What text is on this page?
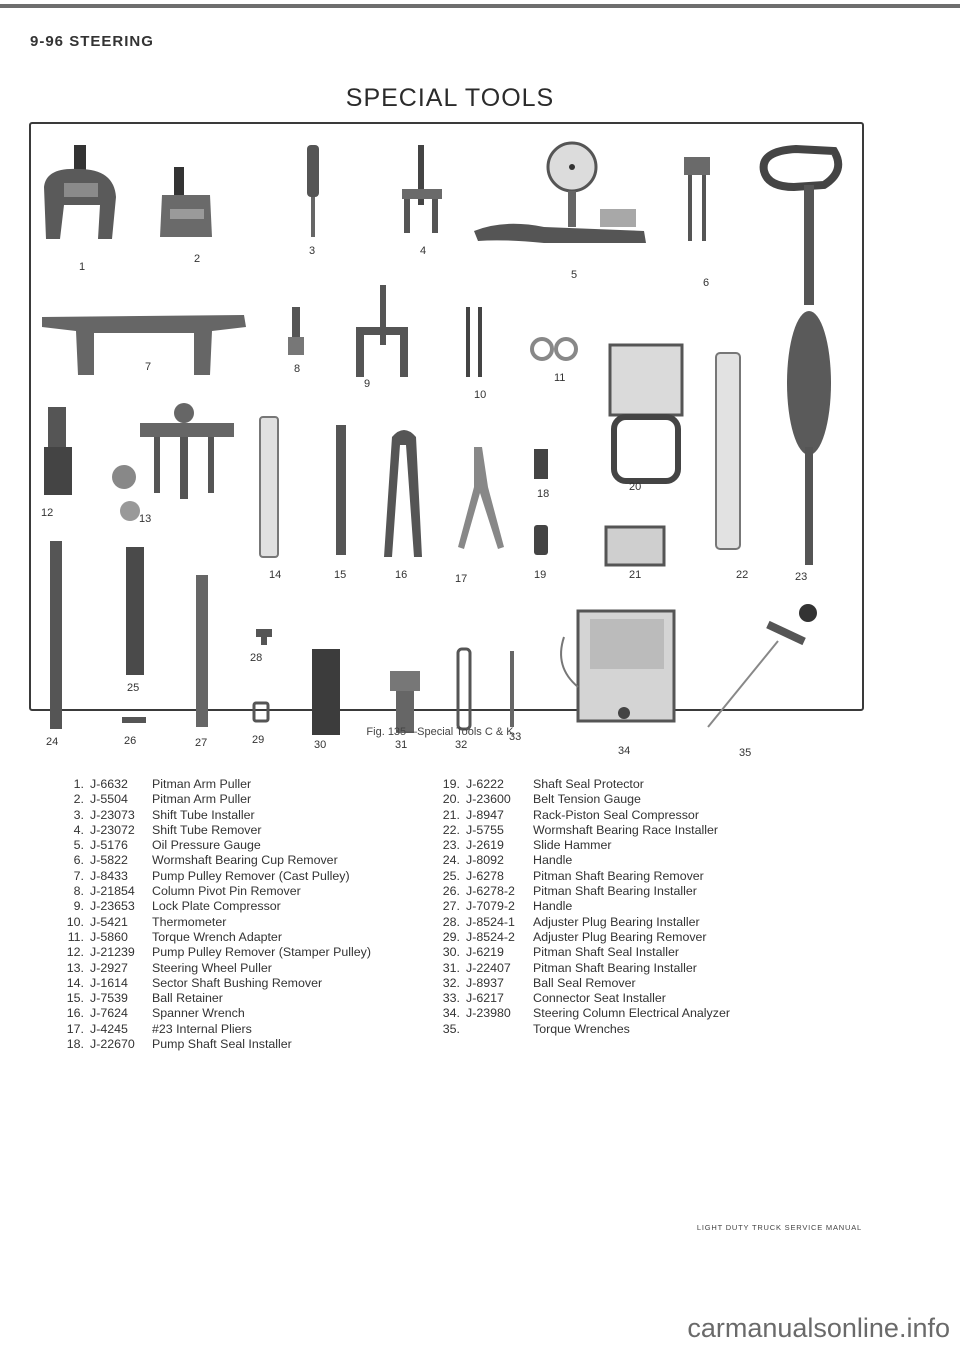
9-96 STEERING
SPECIAL TOOLS
1
2
3	4
5
6
7	8
9
10
11
12	13
14	15	16	17
18
19
20
21	22	23
24
25
26	27
28
29	30	31	32
33
34	35
1. J-6632	Pitman Arm Puller
2. J-5504	Pitman Arm Puller
3. J-23073	Shift Tube Installer
4. J-23072	Shift Tube Remover
5. J-5176	Oil Pressure Gauge
6. J-5822	Wormshaft Bearing Cup Remover
7. J-8433	Pump Pulley Remover (Cast Pulley)
8. J-21854	Column Pivot Pin Remover
9. J-23653	Lock Plate Compressor
10. J-5421	Thermometer
11. J-5860	Torque Wrench Adapter
12. J-21239	Pump Pulley Remover (Stamper Pulley)
13. J-2927	Steering Wheel Puller
14. J-1614	Sector Shaft Bushing Remover
15. J-7539	Ball Retainer
16. J-7624	Spanner Wrench
17. J-4245	#23 Internal Pliers
18. J-22670	Pump Shaft Seal Installer
19. J-6222	Shaft Seal Protector
20. J-23600	Belt Tension Gauge
21. J-8947	Rack-Piston Seal Compressor
22. J-5755	Wormshaft Bearing Race Installer
23. J-2619	Slide Hammer
24. J-8092	Handle
25. J-6278	Pitman Shaft Bearing Remover
26. J-6278-2	Pitman Shaft Bearing Installer
27. J-7079-2	Handle
28. J-8524-1	Adjuster Plug Bearing Installer
29. J-8524-2	Adjuster Plug Bearing Remover
30. J-6219	Pitman Shaft Seal Installer
31. J-22407	Pitman Shaft Bearing Installer
32. J-8937	Ball Seal Remover
33. J-6217	Connector Seat Installer
34. J-23980	Steering Column Electrical Analyzer
35.	Torque Wrenches
Fig. 135—Special Tools C & K
LIGHT DUTY TRUCK SERVICE MANUAL
carmanualsonline.info
